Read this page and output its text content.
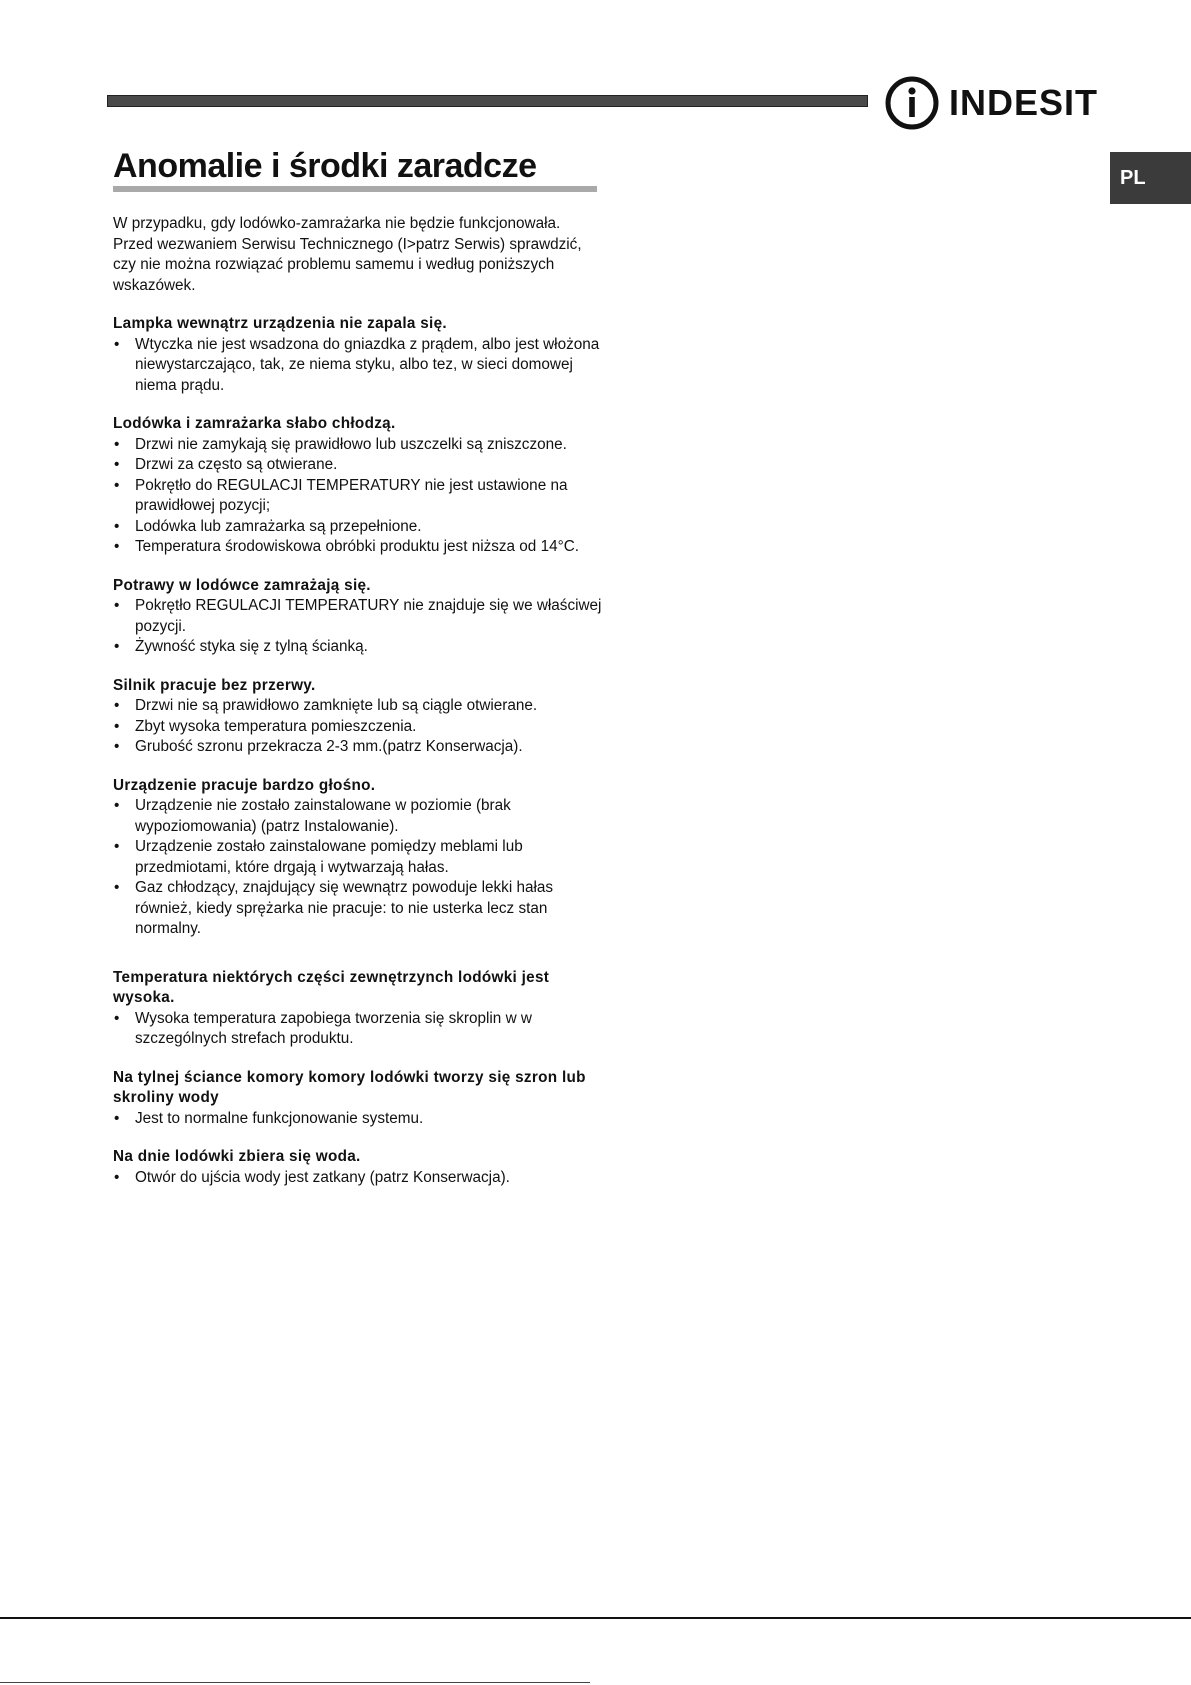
INDESIT
PL
Anomalie i środki zaradcze

W przypadku, gdy lodówko-zamrażarka nie będzie funkcjonowała. Przed wezwaniem Serwisu Technicznego (I>patrz Serwis) sprawdzić, czy nie można rozwiązać problemu samemu i według poniższych wskazówek.

Lampka wewnątrz urządzenia nie zapala się.

• Wtyczka nie jest wsadzona do gniazdka z prądem, albo jest włożona niewystarczająco, tak, ze niema styku, albo tez, w sieci domowej niema prądu.

Lodówka i zamrażarka słabo chłodzą.

• Drzwi nie zamykają się prawidłowo lub uszczelki są zniszczone.
• Drzwi za często są otwierane.
• Pokrętło do REGULACJI TEMPERATURY nie jest ustawione na prawidłowej pozycji;
• Lodówka lub zamrażarka są przepełnione.
• Temperatura środowiskowa obróbki produktu jest niższa od 14°C.

Potrawy w lodówce zamrażają się.

• Pokrętło REGULACJI TEMPERATURY nie znajduje się we właściwej pozycji.
• Żywność styka się z tylną ścianką.

Silnik pracuje bez przerwy.

• Drzwi nie są prawidłowo zamknięte lub są ciągle otwierane.
• Zbyt wysoka temperatura pomieszczenia.
• Grubość szronu przekracza 2-3 mm.(patrz Konserwacja).

Urządzenie pracuje bardzo głośno.

• Urządzenie nie zostało zainstalowane w poziomie (brak wypoziomowania) (patrz Instalowanie).
• Urządzenie zostało zainstalowane pomiędzy meblami lub przedmiotami, które drgają i wytwarzają hałas.
• Gaz chłodzący, znajdujący się wewnątrz powoduje lekki hałas również, kiedy sprężarka nie pracuje: to nie usterka lecz stan normalny.

Temperatura niektórych części zewnętrzynch lodówki jest wysoka.

• Wysoka temperatura zapobiega tworzenia się skroplin w w szczególnych strefach produktu.

Na tylnej ściance komory komory lodówki tworzy się szron lub skroliny wody

• Jest to normalne funkcjonowanie systemu.

Na dnie lodówki zbiera się woda.

• Otwór do ujścia wody jest zatkany (patrz Konserwacja).
